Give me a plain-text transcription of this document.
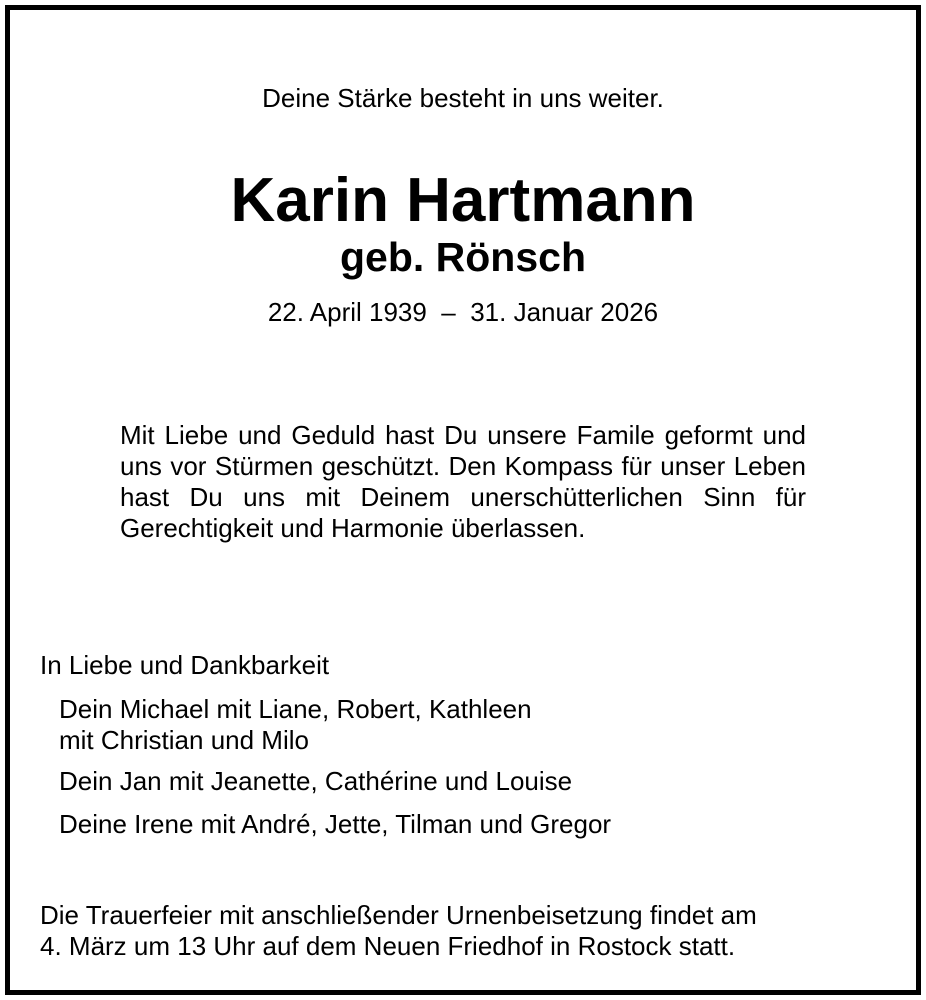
Deine Stärke besteht in uns weiter.
Karin Hartmann
geb. Rönsch
22. April 1939  –  31. Januar 2026
Mit Liebe und Geduld hast Du unsere Famile geformt und uns vor Stürmen geschützt. Den Kompass für unser Leben hast Du uns mit Deinem unerschütterlichen Sinn für Gerechtigkeit und Harmonie überlassen.
In Liebe und Dankbarkeit
Dein Michael mit Liane, Robert, Kathleen
mit Christian und Milo
Dein Jan mit Jeanette, Cathérine und Louise
Deine Irene mit André, Jette, Tilman und Gregor
Die Trauerfeier mit anschließender Urnenbeisetzung findet am
4. März um 13 Uhr auf dem Neuen Friedhof in Rostock statt.
